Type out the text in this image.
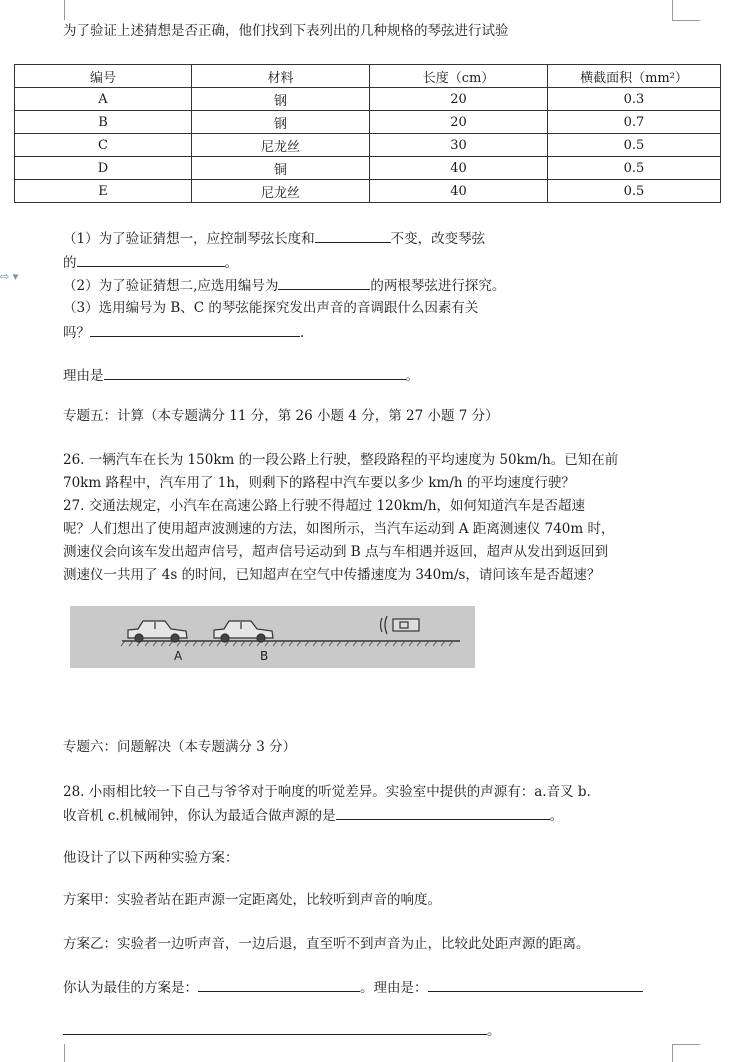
⇨ ▾
为了验证上述猜想是否正确，他们找到下表列出的几种规格的琴弦进行试验
编号	材料	长度（cm）	横截面积（mm²）
A	钢	20	0.3
B	钢	20	0.7
C	尼龙丝	30	0.5
D	铜	40	0.5
E	尼龙丝	40	0.5
（1）为了验证猜想一，应控制琴弦长度和	不变，改变琴弦
的	。
（2）为了验证猜想二,应选用编号为	的两根琴弦进行探究。
（3）选用编号为 B、C 的琴弦能探究发出声音的音调跟什么因素有关
吗？	.
理由是	。
专题五：计算（本专题满分 11 分，第 26 小题 4 分，第 27 小题 7 分）
26. 一辆汽车在长为 150km 的一段公路上行驶，整段路程的平均速度为 50km/h。已知在前
70km 路程中，汽车用了 1h，则剩下的路程中汽车要以多少 km/h 的平均速度行驶？
27. 交通法规定，小汽车在高速公路上行驶不得超过 120km/h，如何知道汽车是否超速
呢？人们想出了使用超声波测速的方法，如图所示，当汽车运动到 A 距离测速仪 740m 时，
测速仪会向该车发出超声信号，超声信号运动到 B 点与车相遇并返回，超声从发出到返回到
测速仪一共用了 4s 的时间，已知超声在空气中传播速度为 340m/s，请问该车是否超速？
A	B
专题六：问题解决（本专题满分 3 分）
28. 小雨相比较一下自己与爷爷对于响度的听觉差异。实验室中提供的声源有：a.音叉 b.
收音机 c.机械闹钟，你认为最适合做声源的是	。
他设计了以下两种实验方案：
方案甲：实验者站在距声源一定距离处，比较听到声音的响度。
方案乙：实验者一边听声音，一边后退，直至听不到声音为止，比较此处距声源的距离。
你认为最佳的方案是：	。理由是：
。
